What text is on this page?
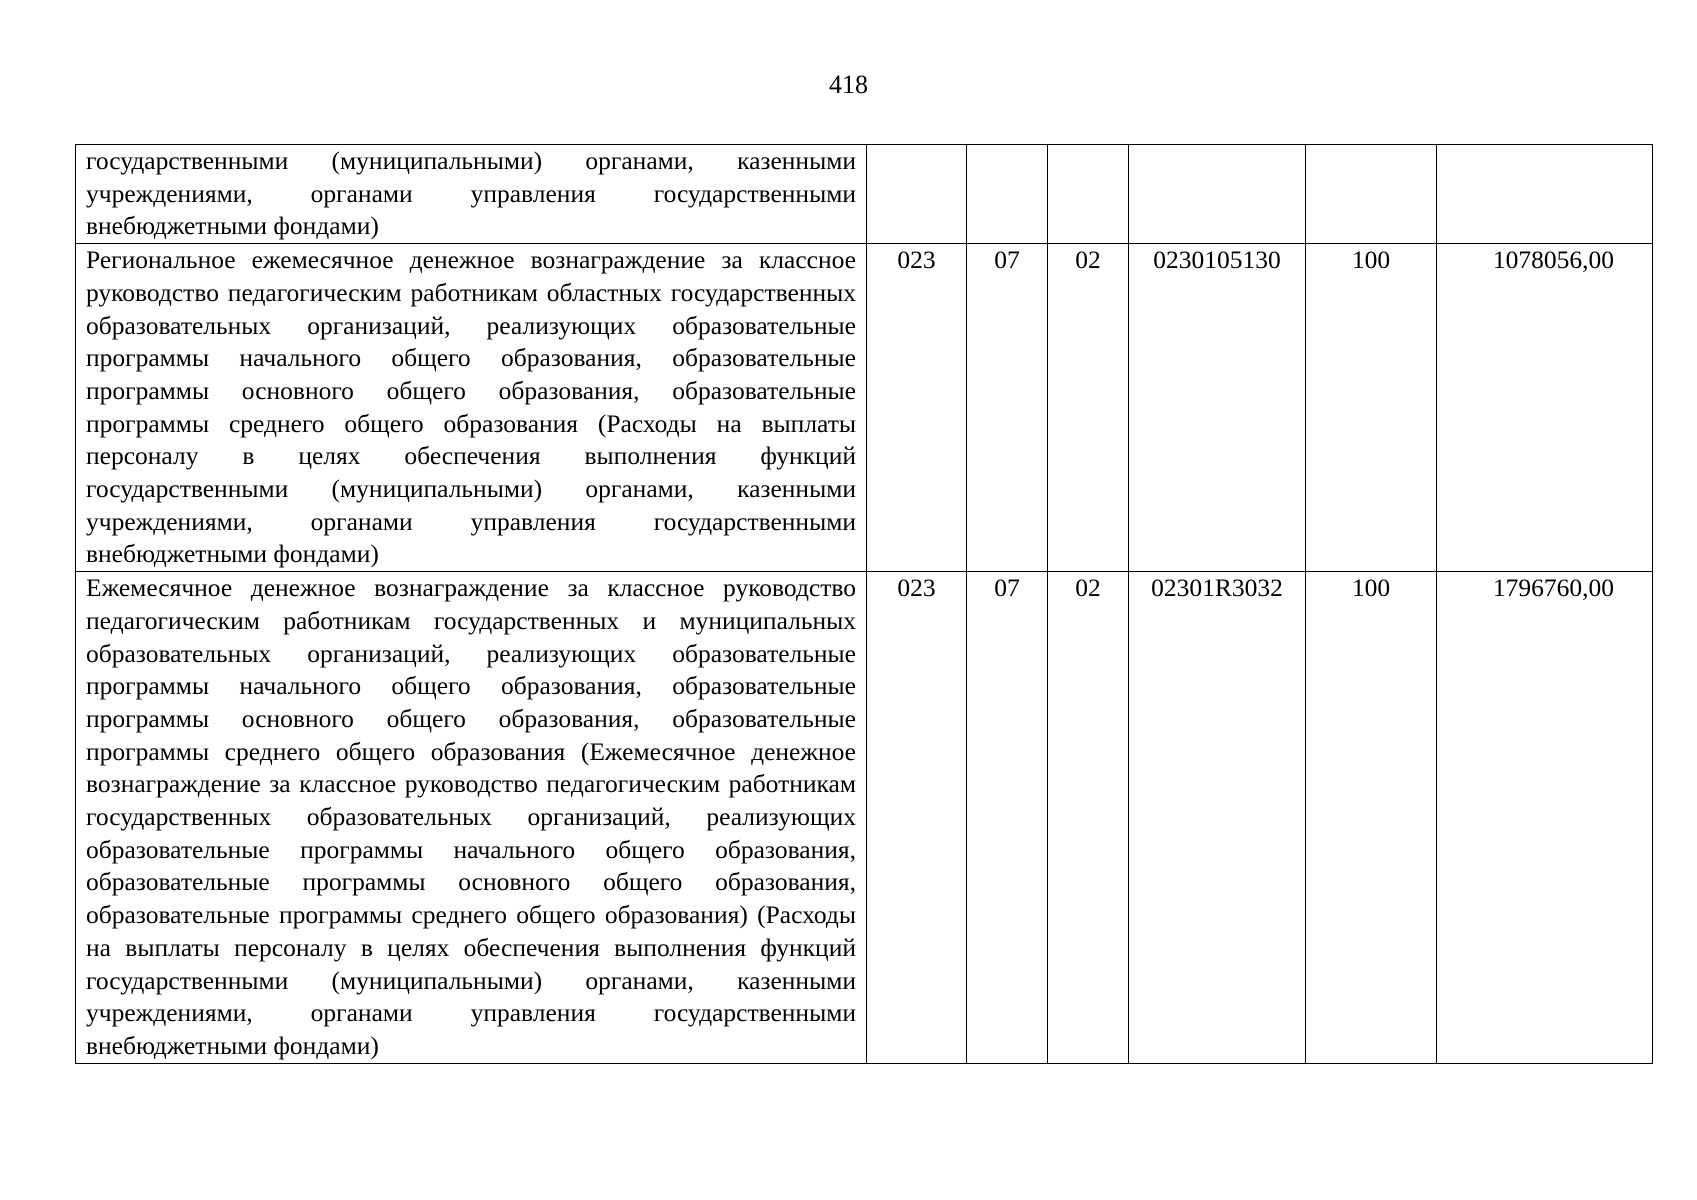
418
государственными (муниципальными) органами, казенными учреждениями, органами управления государственными внебюджетными фондами)						
Региональное ежемесячное денежное вознаграждение за классное руководство педагогическим работникам областных государственных образовательных организаций, реализующих образовательные программы начального общего образования, образовательные программы основного общего образования, образовательные программы среднего общего образования (Расходы на выплаты персоналу в целях обеспечения выполнения функций государственными (муниципальными) органами, казенными учреждениями, органами управления государственными внебюджетными фондами)	023	07	02	0230105130	100	1078056,00
Ежемесячное денежное вознаграждение за классное руководство педагогическим работникам государственных и муниципальных образовательных организаций, реализующих образовательные программы начального общего образования, образовательные программы основного общего образования, образовательные программы среднего общего образования (Ежемесячное денежное вознаграждение за классное руководство педагогическим работникам государственных образовательных организаций, реализующих образовательные программы начального общего образования, образовательные программы основного общего образования, образовательные программы среднего общего образования) (Расходы на выплаты персоналу в целях обеспечения выполнения функций государственными (муниципальными) органами, казенными учреждениями, органами управления государственными внебюджетными фондами)	023	07	02	02301R3032	100	1796760,00
